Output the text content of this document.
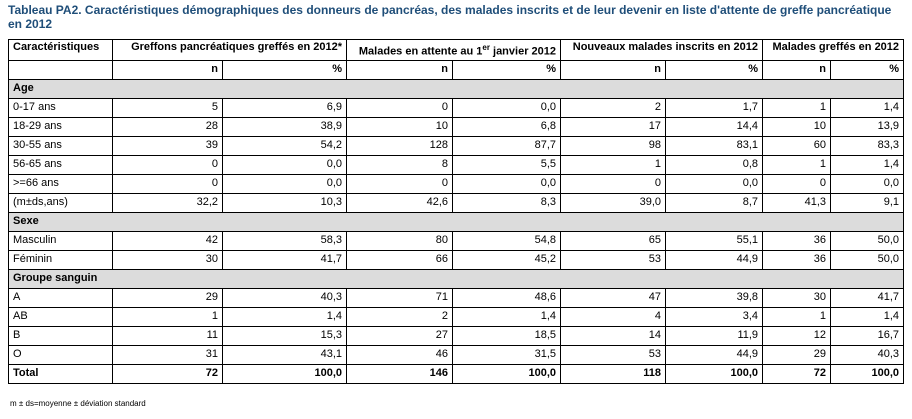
Tableau PA2. Caractéristiques démographiques des donneurs de pancréas, des malades inscrits et de leur devenir en liste d'attente de greffe pancréatique en 2012
Caractéristiques	Greffons pancréatiques greffés en 2012*		Malades en attente au 1er janvier 2012		Nouveaux malades inscrits en 2012		Malades greffés en 2012	
	n	%	n	%	n	%	n	%
Age								
0-17 ans	5	6,9	0	0,0	2	1,7	1	1,4
18-29 ans	28	38,9	10	6,8	17	14,4	10	13,9
30-55 ans	39	54,2	128	87,7	98	83,1	60	83,3
56-65 ans	0	0,0	8	5,5	1	0,8	1	1,4
>=66 ans	0	0,0	0	0,0	0	0,0	0	0,0
(m±ds,ans)	32,2	10,3	42,6	8,3	39,0	8,7	41,3	9,1
Sexe								
Masculin	42	58,3	80	54,8	65	55,1	36	50,0
Féminin	30	41,7	66	45,2	53	44,9	36	50,0
Groupe sanguin								
A	29	40,3	71	48,6	47	39,8	30	41,7
AB	1	1,4	2	1,4	4	3,4	1	1,4
B	11	15,3	27	18,5	14	11,9	12	16,7
O	31	43,1	46	31,5	53	44,9	29	40,3
Total	72	100,0	146	100,0	118	100,0	72	100,0
m ± ds=moyenne ± déviation standard
